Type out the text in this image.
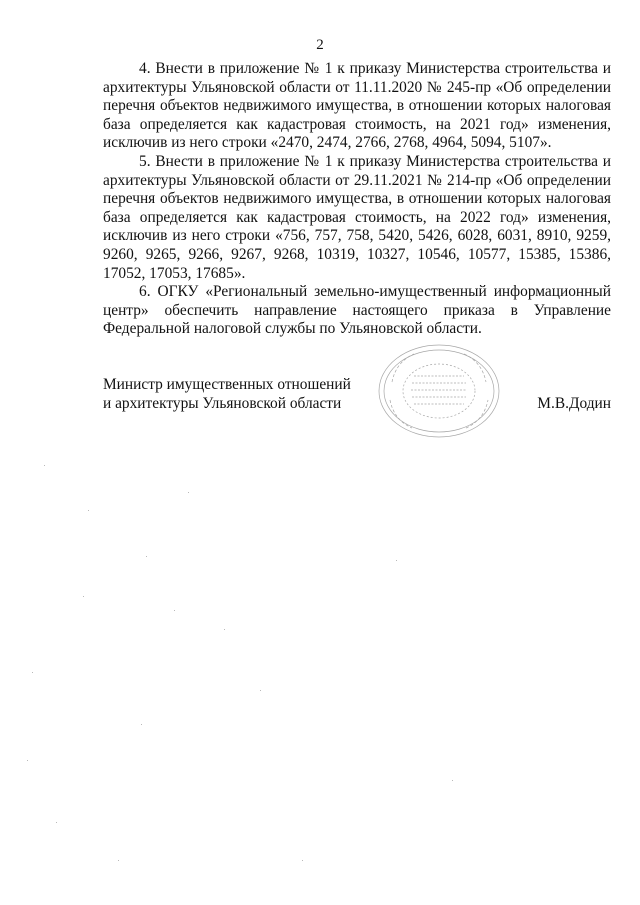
2

4. Внести в приложение № 1 к приказу Министерства строительства и архитектуры Ульяновской области от 11.11.2020 № 245-пр «Об определении перечня объектов недвижимого имущества, в отношении которых налоговая база определяется как кадастровая стоимость, на 2021 год» изменения, исключив из него строки «2470, 2474, 2766, 2768, 4964, 5094, 5107».

5. Внести в приложение № 1 к приказу Министерства строительства и архитектуры Ульяновской области от 29.11.2021 № 214-пр «Об определении перечня объектов недвижимого имущества, в отношении которых налоговая база определяется как кадастровая стоимость, на 2022 год» изменения, исключив из него строки «756, 757, 758, 5420, 5426, 6028, 6031, 8910, 9259, 9260, 9265, 9266, 9267, 9268, 10319, 10327, 10546, 10577, 15385, 15386, 17052, 17053, 17685».

6. ОГКУ «Региональный земельно-имущественный информационный центр» обеспечить направление настоящего приказа в Управление Федеральной налоговой службы по Ульяновской области.

Министр имущественных отношений
и архитектуры Ульяновской области	М.В.Додин
